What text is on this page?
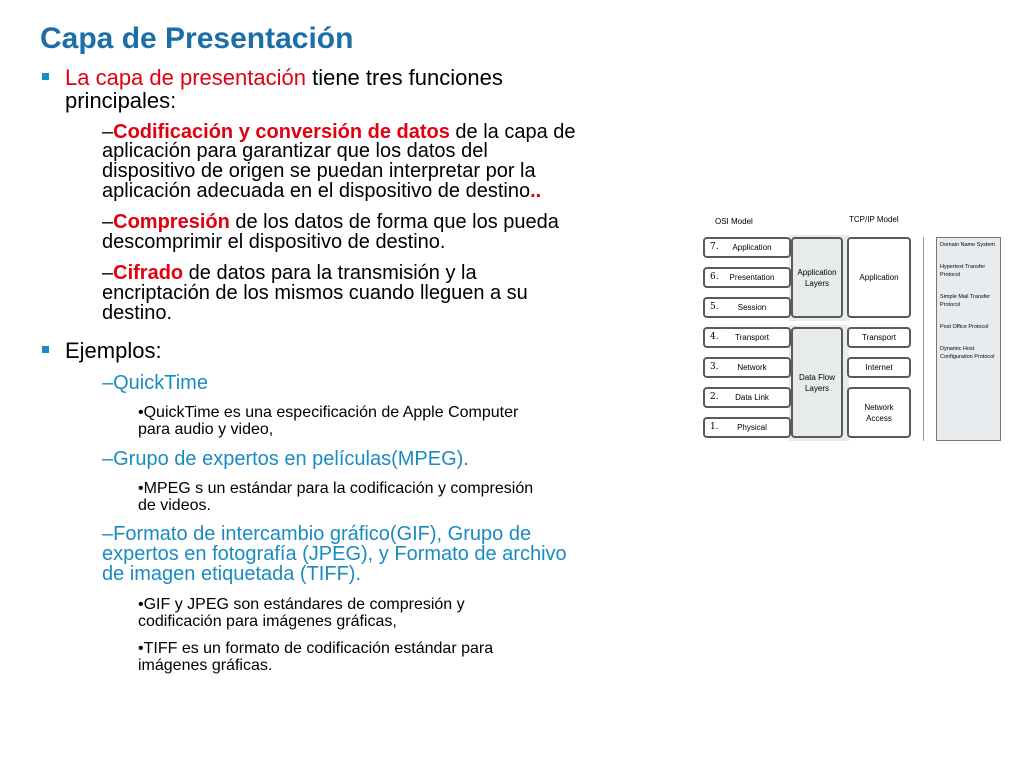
Capa de Presentación
La capa de presentación tiene tres funciones
principales:
–Codificación y conversión de datos de la capa de
aplicación para garantizar que los datos del
dispositivo de origen se puedan interpretar por la
aplicación adecuada en el dispositivo de destino..
–Compresión de los datos de forma que los pueda
descomprimir el dispositivo de destino.
–Cifrado de datos para la transmisión y la
encriptación de los mismos cuando lleguen a su
destino.
Ejemplos:
–QuickTime
•QuickTime es una especificación de Apple Computer
para audio y video,
–Grupo de expertos en películas(MPEG).
•MPEG s un estándar para la codificación y compresión
de videos.
–Formato de intercambio gráfico(GIF), Grupo de
expertos en fotografía (JPEG), y Formato de archivo
de imagen etiquetada (TIFF).
•GIF y JPEG son estándares de compresión y
codificación para imágenes gráficas,
•TIFF es un formato de codificación estándar para
imágenes gráficas.
OSI Model	TCP/IP Model
7.	Application
6.	Presentation
5.	Session
4.	Transport
3.	Network
2.	Data Link
1.	Physical
Application Layers
Data Flow Layers
Application
Transport
Internet
Network Access
Domain Name System
Hypertext Transfer Protocol
Simple Mail Transfer Protocol
Post Office Protocol
Dynamic Host Configuration Protocol
